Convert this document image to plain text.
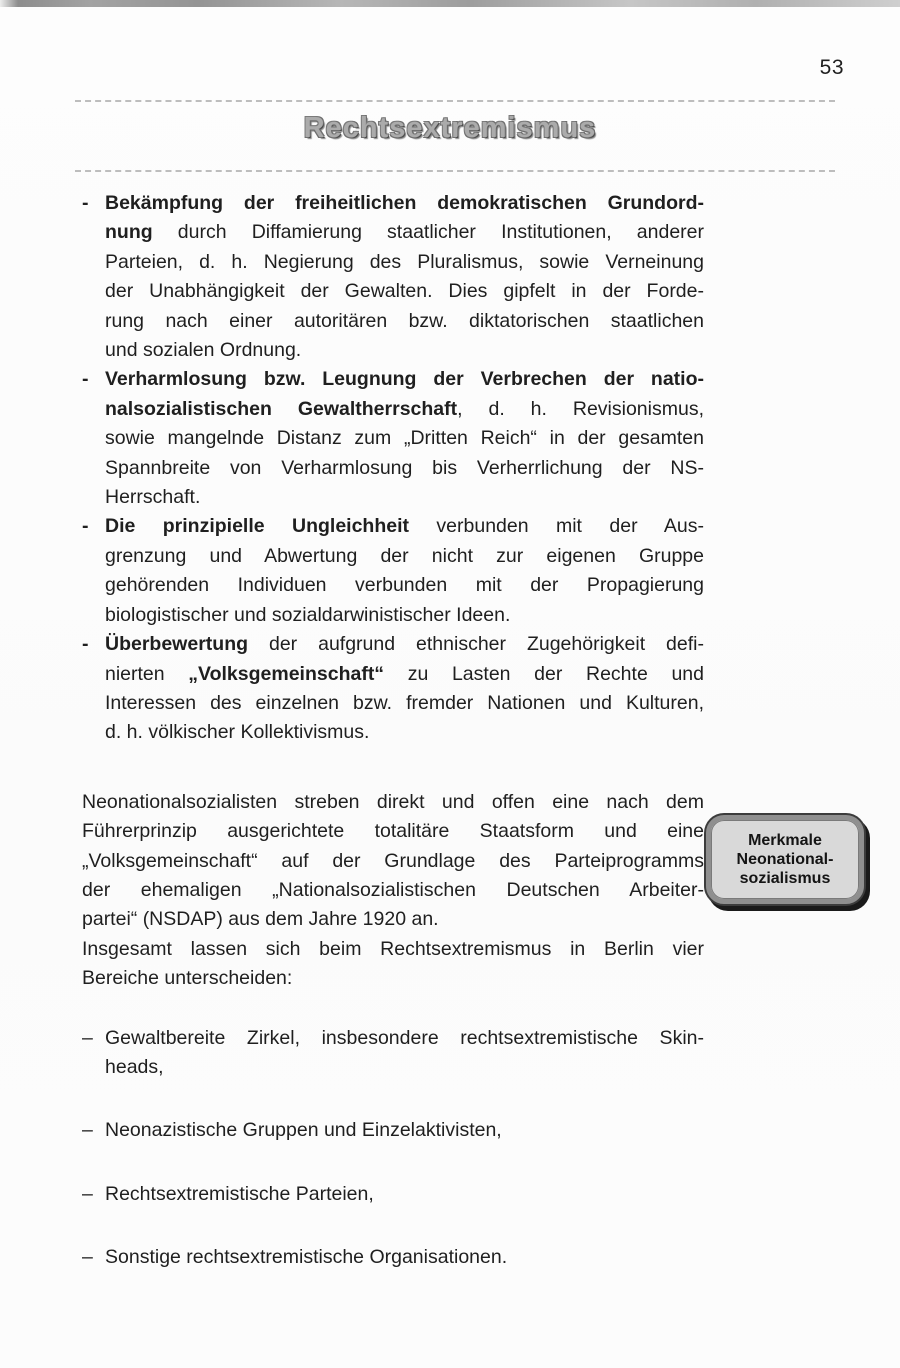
53
Rechtsextremismus
- Bekämpfung der freiheitlichen demokratischen Grundord-
nung durch Diffamierung staatlicher Institutionen, anderer
Parteien, d. h. Negierung des Pluralismus, sowie Verneinung
der Unabhängigkeit der Gewalten. Dies gipfelt in der Forde-
rung nach einer autoritären bzw. diktatorischen staatlichen
und sozialen Ordnung.
- Verharmlosung bzw. Leugnung der Verbrechen der natio-
nalsozialistischen Gewaltherrschaft, d. h. Revisionismus,
sowie mangelnde Distanz zum „Dritten Reich“ in der gesamten
Spannbreite von Verharmlosung bis Verherrlichung der NS-
Herrschaft.
- Die prinzipielle Ungleichheit verbunden mit der Aus-
grenzung und Abwertung der nicht zur eigenen Gruppe
gehörenden Individuen verbunden mit der Propagierung
biologistischer und sozialdarwinistischer Ideen.
- Überbewertung der aufgrund ethnischer Zugehörigkeit defi-
nierten „Volksgemeinschaft“ zu Lasten der Rechte und
Interessen des einzelnen bzw. fremder Nationen und Kulturen,
d. h. völkischer Kollektivismus.
Neonationalsozialisten streben direkt und offen eine nach dem
Führerprinzip ausgerichtete totalitäre Staatsform und eine
„Volksgemeinschaft“ auf der Grundlage des Parteiprogramms
der ehemaligen „Nationalsozialistischen Deutschen Arbeiter-
partei“ (NSDAP) aus dem Jahre 1920 an.
Insgesamt lassen sich beim Rechtsextremismus in Berlin vier
Bereiche unterscheiden:
– Gewaltbereite Zirkel, insbesondere rechtsextremistische Skin-
heads,
– Neonazistische Gruppen und Einzelaktivisten,
– Rechtsextremistische Parteien,
– Sonstige rechtsextremistische Organisationen.
Merkmale
Neonational-
sozialismus
